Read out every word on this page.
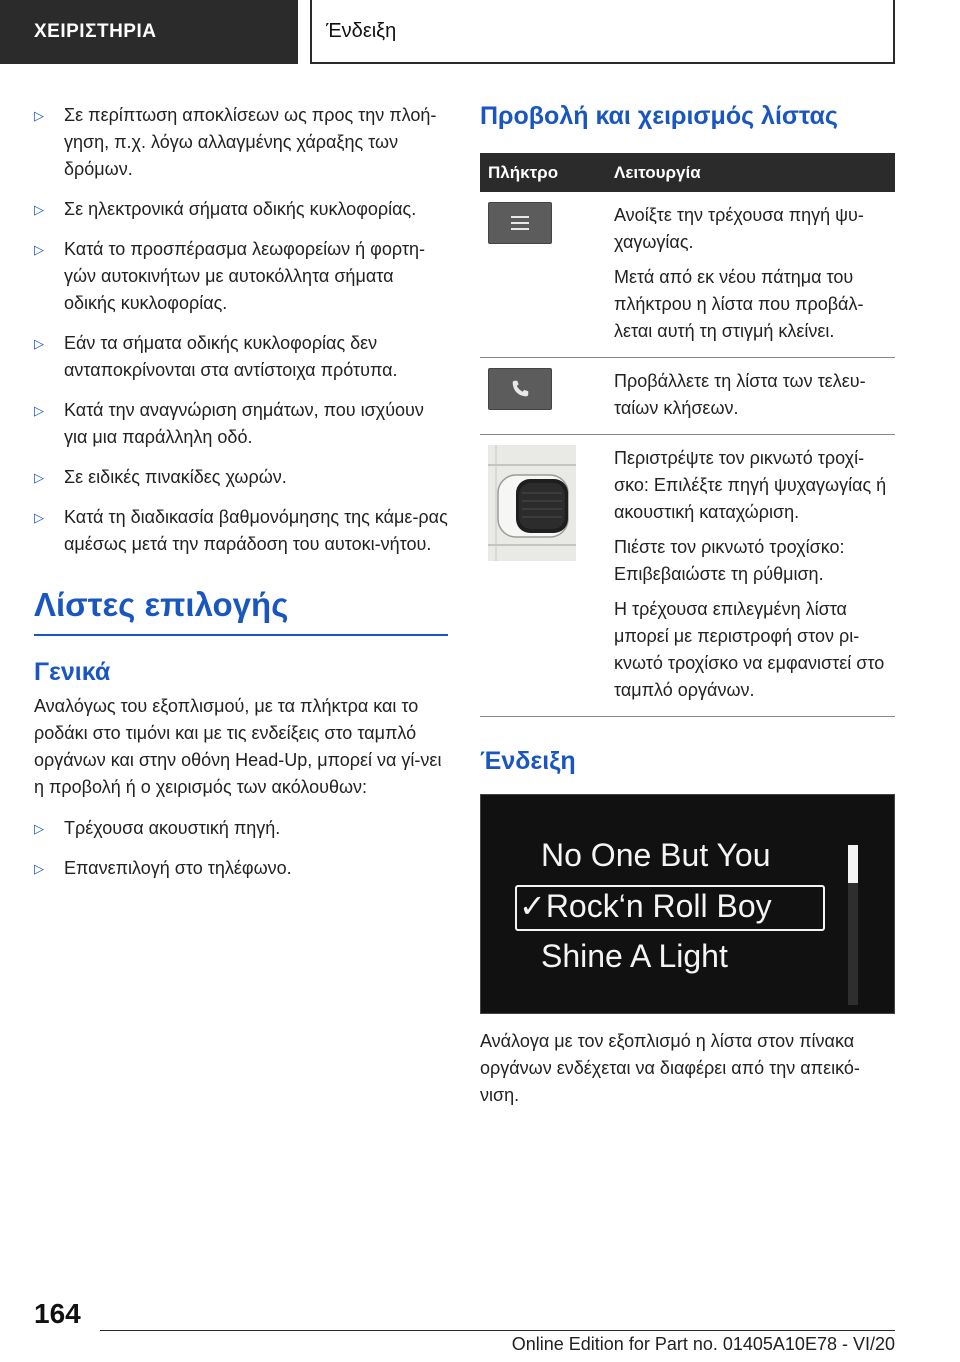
ΧΕΙΡΙΣΤΗΡΙΑ	Ένδειξη
▷ Σε περίπτωση αποκλίσεων ως προς την πλοή-γηση, π.χ. λόγω αλλαγμένης χάραξης των δρόμων.
▷ Σε ηλεκτρονικά σήματα οδικής κυκλοφορίας.
▷ Κατά το προσπέρασμα λεωφορείων ή φορτη-γών αυτοκινήτων με αυτοκόλλητα σήματα οδικής κυκλοφορίας.
▷ Εάν τα σήματα οδικής κυκλοφορίας δεν ανταποκρίνονται στα αντίστοιχα πρότυπα.
▷ Κατά την αναγνώριση σημάτων, που ισχύουν για μια παράλληλη οδό.
▷ Σε ειδικές πινακίδες χωρών.
▷ Κατά τη διαδικασία βαθμονόμησης της κάμε-ρας αμέσως μετά την παράδοση του αυτοκι-νήτου.
Λίστες επιλογής
Γενικά

Αναλόγως του εξοπλισμού, με τα πλήκτρα και το ροδάκι στο τιμόνι και με τις ενδείξεις στο ταμπλό οργάνων και στην οθόνη Head-Up, μπορεί να γί-νει η προβολή ή ο χειρισμός των ακόλουθων:

▷ Τρέχουσα ακουστική πηγή.
▷ Επανεπιλογή στο τηλέφωνο.
Προβολή και χειρισμός λίστας
Πλήκτρο	Λειτουργία

Ανοίξτε την τρέχουσα πηγή ψυ-χαγωγίας.

Μετά από εκ νέου πάτημα του πλήκτρου η λίστα που προβάλ-λεται αυτή τη στιγμή κλείνει.

Προβάλλετε τη λίστα των τελευ-ταίων κλήσεων.

Περιστρέψτε τον ρικνωτό τροχί-σκο: Επιλέξτε πηγή ψυχαγωγίας ή ακουστική καταχώριση.

Πιέστε τον ρικνωτό τροχίσκο: Επιβεβαιώστε τη ρύθμιση.

Η τρέχουσα επιλεγμένη λίστα μπορεί με περιστροφή στον ρι-κνωτό τροχίσκο να εμφανιστεί στο ταμπλό οργάνων.

Ένδειξη
No One But You
✓Rock‘n Roll Boy
Shine A Light
Ανάλογα με τον εξοπλισμό η λίστα στον πίνακα οργάνων ενδέχεται να διαφέρει από την απεικό-νιση.
164
Online Edition for Part no. 01405A10E78 - VI/20
